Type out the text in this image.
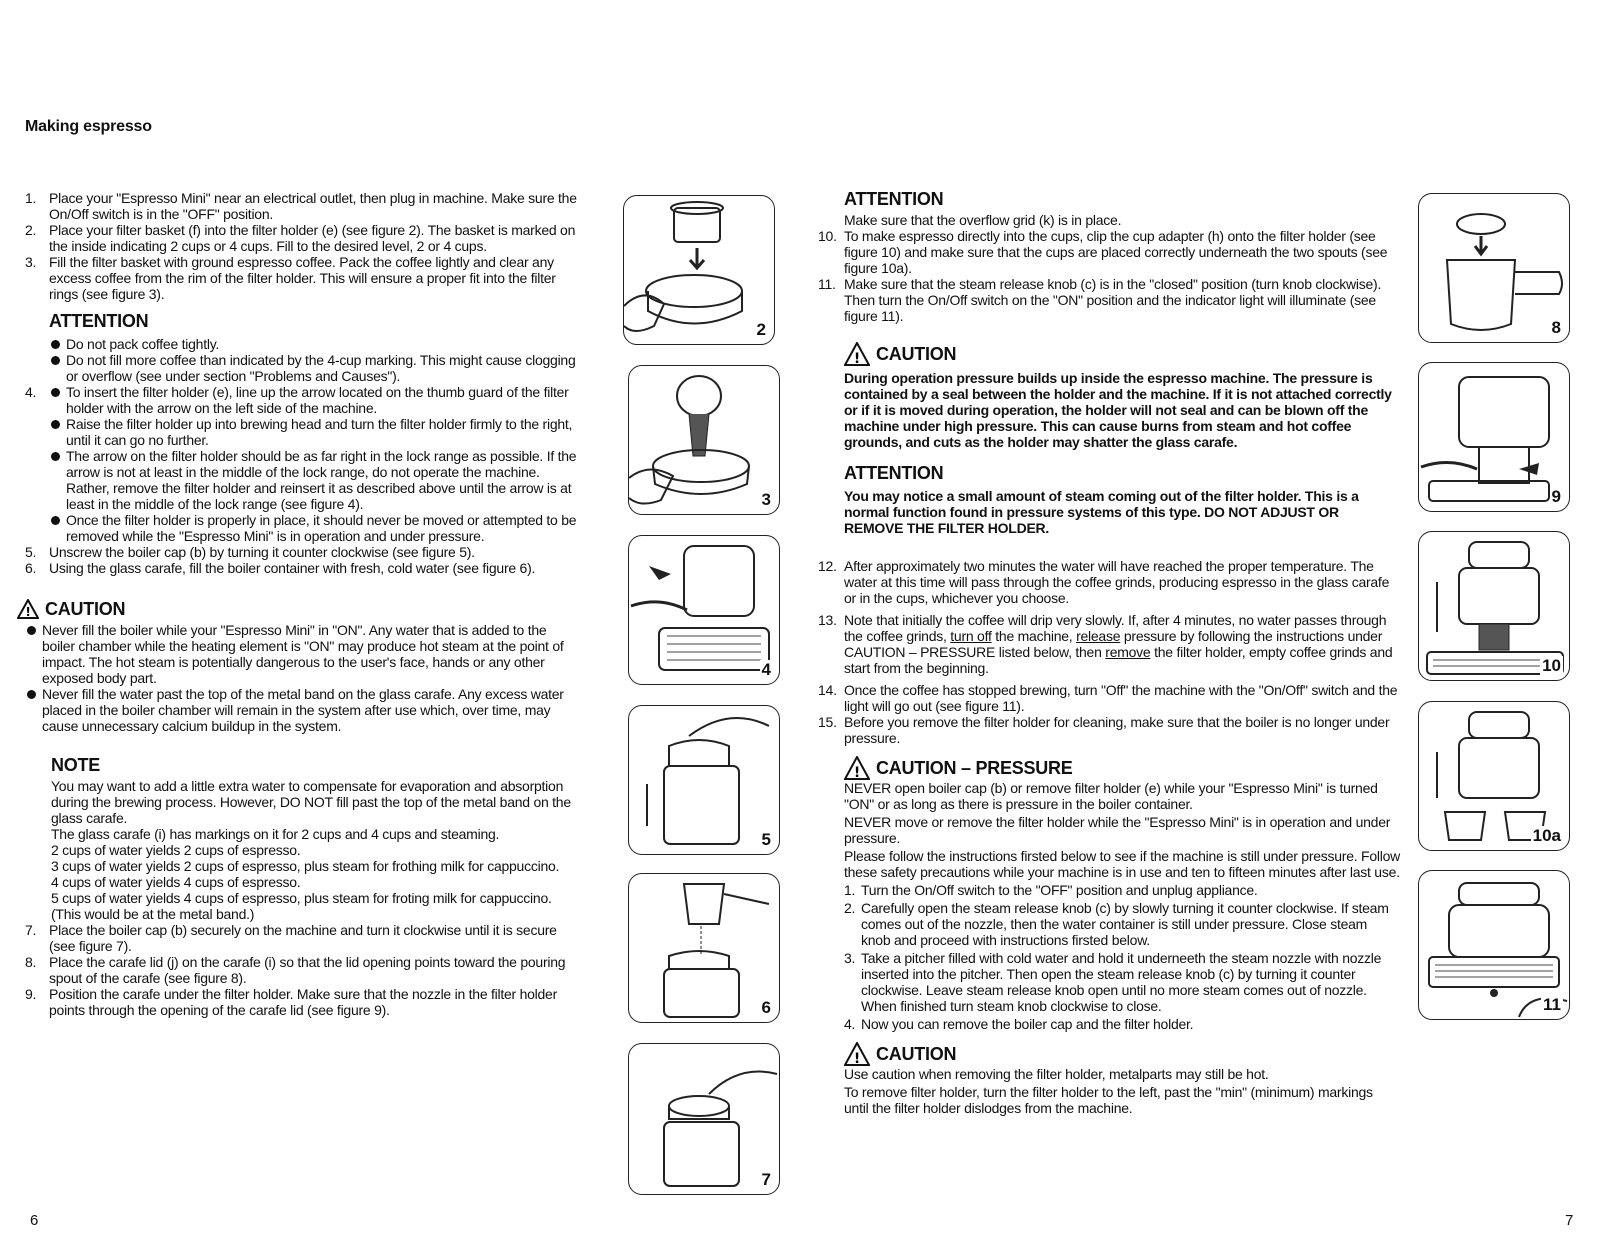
Making espresso

1. Place your "Espresso Mini" near an electrical outlet, then plug in machine. Make sure the On/Off switch is in the "OFF" position.

2. Place your filter basket (f) into the filter holder (e) (see figure 2). The basket is marked on the inside indicating 2 cups or 4 cups. Fill to the desired level, 2 or 4 cups.

3. Fill the filter basket with ground espresso coffee. Pack the coffee lightly and clear any excess coffee from the rim of the filter holder. This will ensure a proper fit into the filter rings (see figure 3).

ATTENTION

Do not pack coffee tightly.

Do not fill more coffee than indicated by the 4-cup marking. This might cause clogging or overflow (see under section "Problems and Causes").

4.	To insert the filter holder (e), line up the arrow located on the thumb guard of the filter holder with the arrow on the left side of the machine.

Raise the filter holder up into brewing head and turn the filter holder firmly to the right, until it can go no further.

The arrow on the filter holder should be as far right in the lock range as possible. If the arrow is not at least in the middle of the lock range, do not operate the machine. Rather, remove the filter holder and reinsert it as described above until the arrow is at least in the middle of the lock range (see figure 4).

Once the filter holder is properly in place, it should never be moved or attempted to be removed while the "Espresso Mini" is in operation and under pressure.

5. Unscrew the boiler cap (b) by turning it counter clockwise (see figure 5).

6. Using the glass carafe, fill the boiler container with fresh, cold water (see figure 6).

! CAUTION

Never fill the boiler while your "Espresso Mini" in "ON". Any water that is added to the boiler chamber while the heating element is "ON" may produce hot steam at the point of impact. The hot steam is potentially dangerous to the user's face, hands or any other exposed body part.

Never fill the water past the top of the metal band on the glass carafe. Any excess water placed in the boiler chamber will remain in the system after use which, over time, may cause unnecessary calcium buildup in the system.

NOTE

You may want to add a little extra water to compensate for evaporation and absorption during the brewing process. However, DO NOT fill past the top of the metal band on the glass carafe.

The glass carafe (i) has markings on it for 2 cups and 4 cups and steaming.

2 cups of water yields 2 cups of espresso.

3 cups of water yields 2 cups of espresso, plus steam for frothing milk for cappuccino.

4 cups of water yields 4 cups of espresso.

5 cups of water yields 4 cups of espresso, plus steam for froting milk for cappuccino. (This would be at the metal band.)

7. Place the boiler cap (b) securely on the machine and turn it clockwise until it is secure (see figure 7).

8. Place the carafe lid (j) on the carafe (i) so that the lid opening points toward the pouring spout of the carafe (see figure 8).

9. Position the carafe under the filter holder. Make sure that the nozzle in the filter holder points through the opening of the carafe lid (see figure 9).

6
2
3
4
5
6
7

ATTENTION

Make sure that the overflow grid (k) is in place.

10. To make espresso directly into the cups, clip the cup adapter (h) onto the filter holder (see figure 10) and make sure that the cups are placed correctly underneath the two spouts (see figure 10a).

11. Make sure that the steam release knob (c) is in the "closed" position (turn knob clockwise).

Then turn the On/Off switch on the "ON" position and the indicator light will illuminate (see figure 11).

! CAUTION

During operation pressure builds up inside the espresso machine. The pressure is contained by a seal between the holder and the machine. If it is not attached correctly or if it is moved during operation, the holder will not seal and can be blown off the machine under high pressure. This can cause burns from steam and hot coffee grounds, and cuts as the holder may shatter the glass carafe.

ATTENTION

You may notice a small amount of steam coming out of the filter holder. This is a normal function found in pressure systems of this type. DO NOT ADJUST OR REMOVE THE FILTER HOLDER.

12. After approximately two minutes the water will have reached the proper temperature. The water at this time will pass through the coffee grinds, producing espresso in the glass carafe or in the cups, whichever you choose.

13. Note that initially the coffee will drip very slowly. If, after 4 minutes, no water passes through the coffee grinds, turn off the machine, release pressure by following the instructions under CAUTION – PRESSURE listed below, then remove the filter holder, empty coffee grinds and start from the beginning.

14. Once the coffee has stopped brewing, turn "Off" the machine with the "On/Off" switch and the light will go out (see figure 11).

15. Before you remove the filter holder for cleaning, make sure that the boiler is no longer under pressure.

! CAUTION – PRESSURE

NEVER open boiler cap (b) or remove filter holder (e) while your "Espresso Mini" is turned "ON" or as long as there is pressure in the boiler container.

NEVER move or remove the filter holder while the "Espresso Mini" is in operation and under pressure.

Please follow the instructions firsted below to see if the machine is still under pressure. Follow these safety precautions while your machine is in use and ten to fifteen minutes after last use.

1. Turn the On/Off switch to the "OFF" position and unplug appliance.

2. Carefully open the steam release knob (c) by slowly turning it counter clockwise. If steam comes out of the nozzle, then the water container is still under pressure. Close steam knob and proceed with instructions firsted below.

3. Take a pitcher filled with cold water and hold it underneeth the steam nozzle with nozzle inserted into the pitcher. Then open the steam release knob (c) by turning it counter clockwise. Leave steam release knob open until no more steam comes out of nozzle. When finished turn steam knob clockwise to close.

4. Now you can remove the boiler cap and the filter holder.

! CAUTION

Use caution when removing the filter holder, metalparts may still be hot.

To remove filter holder, turn the filter holder to the left, past the "min" (minimum) markings until the filter holder dislodges from the machine.

7
8
9
10
10a
11
